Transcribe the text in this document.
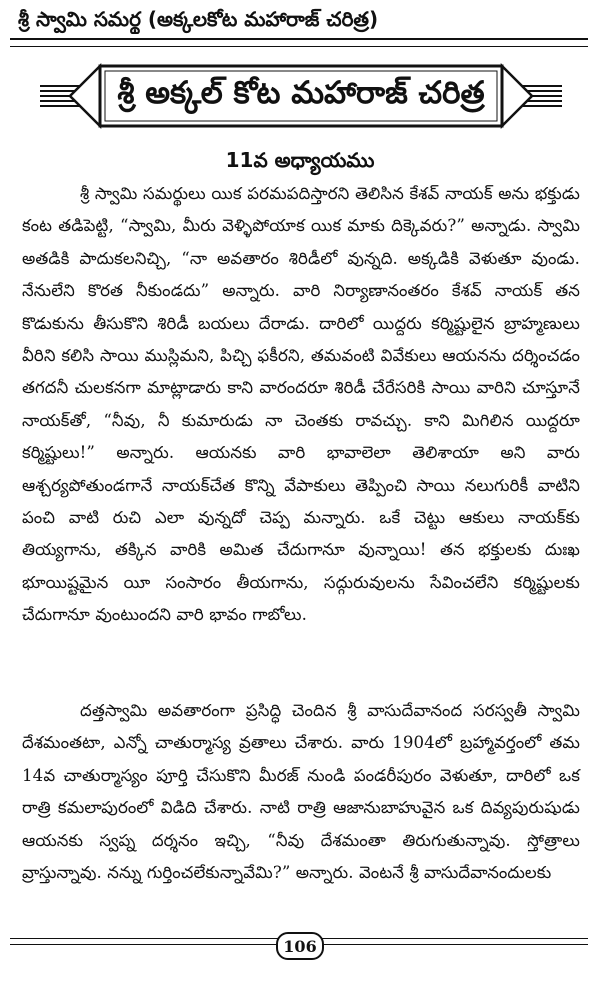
శ్రీ స్వామి సమర్థ (అక్కలకోట మహారాజ్ చరిత్ర)
శ్రీ అక్కల్ కోట మహారాజ్ చరిత్ర
11వ అధ్యాయము

శ్రీ స్వామి సమర్థులు యిక పరమపదిస్తారని తెలిసిన కేశవ్ నాయక్ అను భక్తుడు కంట తడిపెట్టి, “స్వామి, మీరు వెళ్ళిపోయాక యిక మాకు దిక్కెవరు?” అన్నాడు. స్వామి అతడికి పాదుకలనిచ్చి, “నా అవతారం శిరిడీలో వున్నది. అక్కడికి వెళుతూ వుండు. నేనులేని కొరత నీకుండదు” అన్నారు. వారి నిర్యాణానంతరం కేశవ్ నాయక్ తన కొడుకును తీసుకొని శిరిడీ బయలు దేరాడు. దారిలో యిద్దరు కర్మిష్టులైన బ్రాహ్మణులు వీరిని కలిసి సాయి ముస్లిమని, పిచ్చి ఫకీరని, తమవంటి వివేకులు ఆయనను దర్శించడం తగదనీ చులకనగా మాట్లాడారు కాని వారందరూ శిరిడీ చేరేసరికి సాయి వారిని చూస్తూనే నాయక్‌తో, “నీవు, నీ కుమారుడు నా చెంతకు రావచ్చు. కాని మిగిలిన యిద్దరూ కర్మిష్టులు!” అన్నారు. ఆయనకు వారి భావాలెలా తెలిశాయా అని వారు ఆశ్చర్యపోతుండగానే నాయక్‌చేత కొన్ని వేపాకులు తెప్పించి సాయి నలుగురికీ వాటిని పంచి వాటి రుచి ఎలా వున్నదో చెప్ప మన్నారు. ఒకే చెట్టు ఆకులు నాయక్‌కు తియ్యగాను, తక్కిన వారికి అమిత చేదుగానూ వున్నాయి! తన భక్తులకు దుఃఖ భూయిష్టమైన యీ సంసారం తీయగాను, సద్గురువులను సేవించలేని కర్మిష్టులకు చేదుగానూ వుంటుందని వారి భావం గాబోలు.

దత్తస్వామి అవతారంగా ప్రసిద్ధి చెందిన శ్రీ వాసుదేవానంద సరస్వతీ స్వామి దేశమంతటా, ఎన్నో చాతుర్మాస్య వ్రతాలు చేశారు. వారు 1904లో బ్రహ్మావర్తంలో తమ 14వ చాతుర్మాస్యం పూర్తి చేసుకొని మీరజ్ నుండి పండరీపురం వెళుతూ, దారిలో ఒక రాత్రి కమలాపురంలో విడిది చేశారు. నాటి రాత్రి ఆజానుబాహువైన ఒక దివ్యపురుషుడు ఆయనకు స్వప్న దర్శనం ఇచ్చి, “నీవు దేశమంతా తిరుగుతున్నావు. స్తోత్రాలు వ్రాస్తున్నావు. నన్ను గుర్తించలేకున్నావేమి?” అన్నారు. వెంటనే శ్రీ వాసుదేవానందులకు

106
